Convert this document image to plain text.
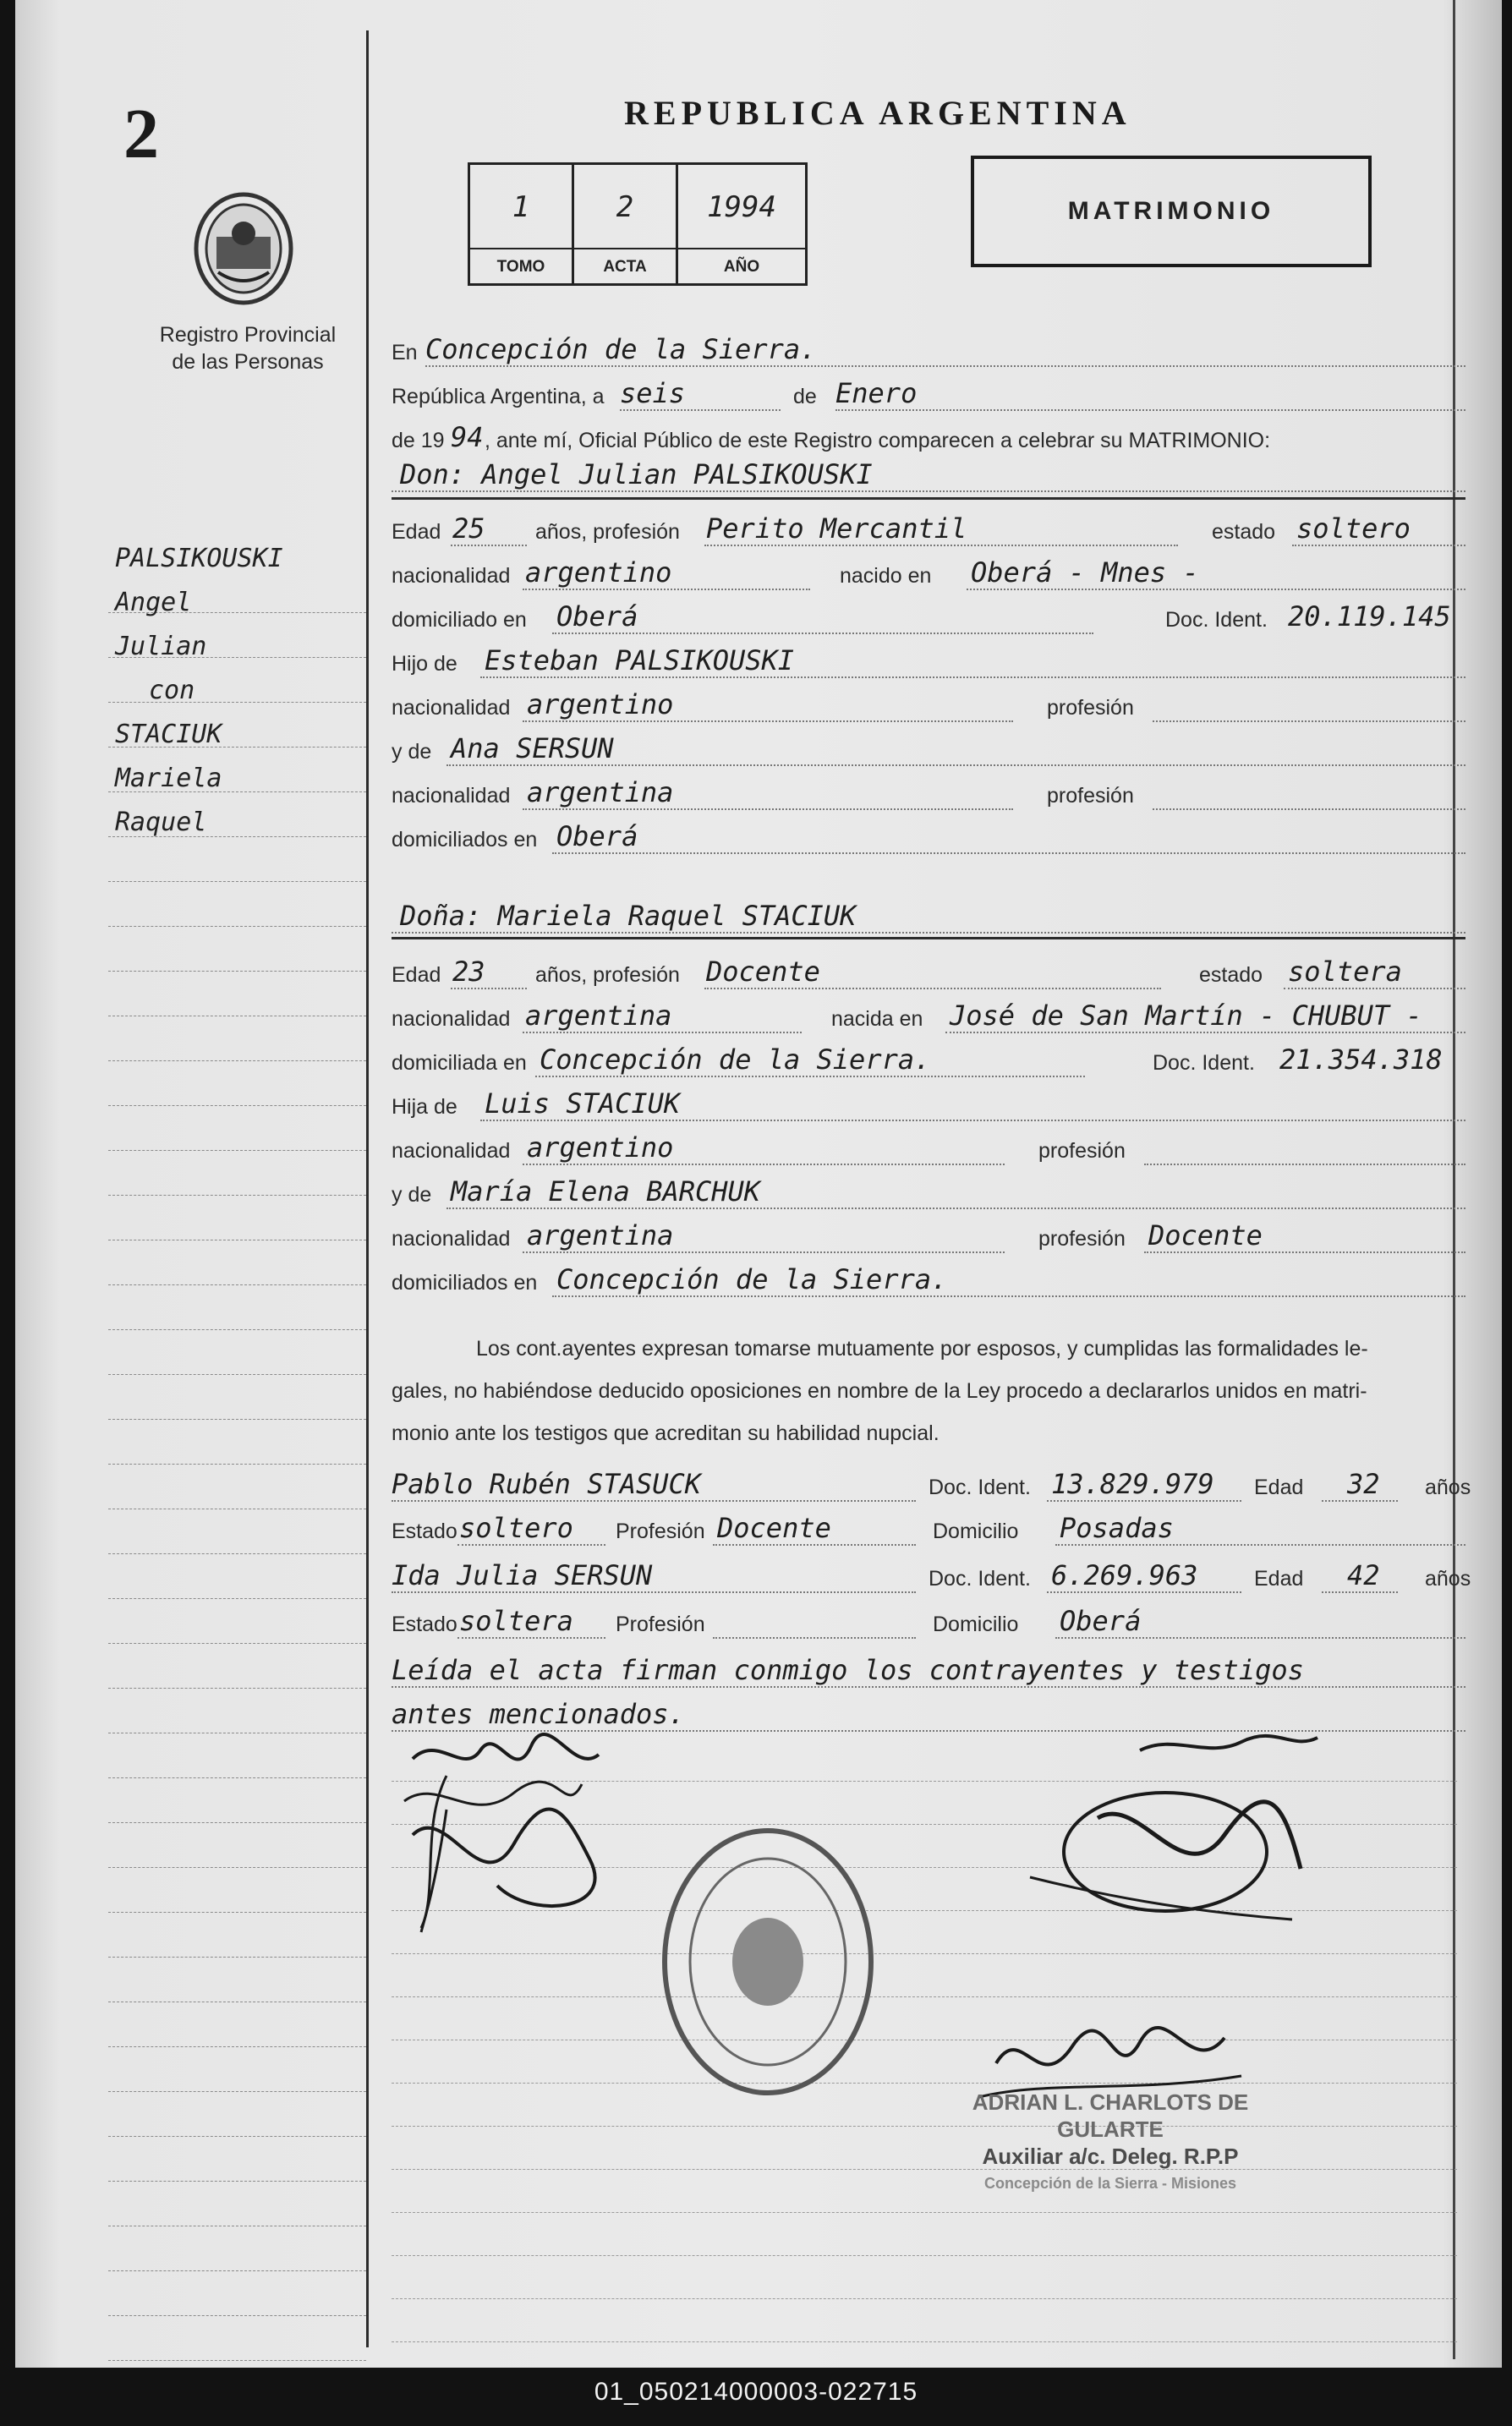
2
Registro Provincial
de las Personas
PALSIKOUSKI
Angel
Julian
con
STACIUK
Mariela
Raquel
REPUBLICA ARGENTINA
1
TOMO
2
ACTA
1994
AÑO
MATRIMONIO
En Concepción de la Sierra.
República Argentina, a seis	de Enero
de 19 94 , ante mí, Oficial Público de este Registro comparecen a celebrar su MATRIMONIO:
Don: Angel Julian PALSIKOUSKI
Edad 25 años, profesión Perito Mercantil	estado soltero
nacionalidad argentino	nacido en Oberá - Mnes -
domiciliado en Oberá	Doc. Ident. 20.119.145
Hijo de Esteban PALSIKOUSKI
nacionalidad argentino	profesión
y de Ana SERSUN
nacionalidad argentina	profesión
domiciliados en Oberá
Doña: Mariela Raquel STACIUK
Edad 23 años, profesión Docente	estado soltera
nacionalidad argentina	nacida en José de San Martín - CHUBUT -
domiciliada en Concepción de la Sierra.	Doc. Ident. 21.354.318
Hija de Luis STACIUK
nacionalidad argentino	profesión
y de María Elena BARCHUK
nacionalidad argentina	profesión Docente
domiciliados en Concepción de la Sierra.
Los cont.ayentes expresan tomarse mutuamente por esposos, y cumplidas las formalidades le-
gales, no habiéndose deducido oposiciones en nombre de la Ley procedo a declararlos unidos en matri-
monio ante los testigos que acreditan su habilidad nupcial.
Pablo Rubén STASUCK	Doc. Ident. 13.829.979 Edad 32 años
Estado soltero Profesión Docente	Domicilio Posadas
Ida Julia SERSUN	Doc. Ident. 6.269.963	Edad 42 años
Estado soltera Profesión	Domicilio Oberá
Leída el acta firman conmigo los contrayentes y testigos
antes mencionados.
ADRIAN L. CHARLOTS DE GULARTE
Auxiliar a/c. Deleg. R.P.P
Concepción de la Sierra - Misiones
01_050214000003-022715
